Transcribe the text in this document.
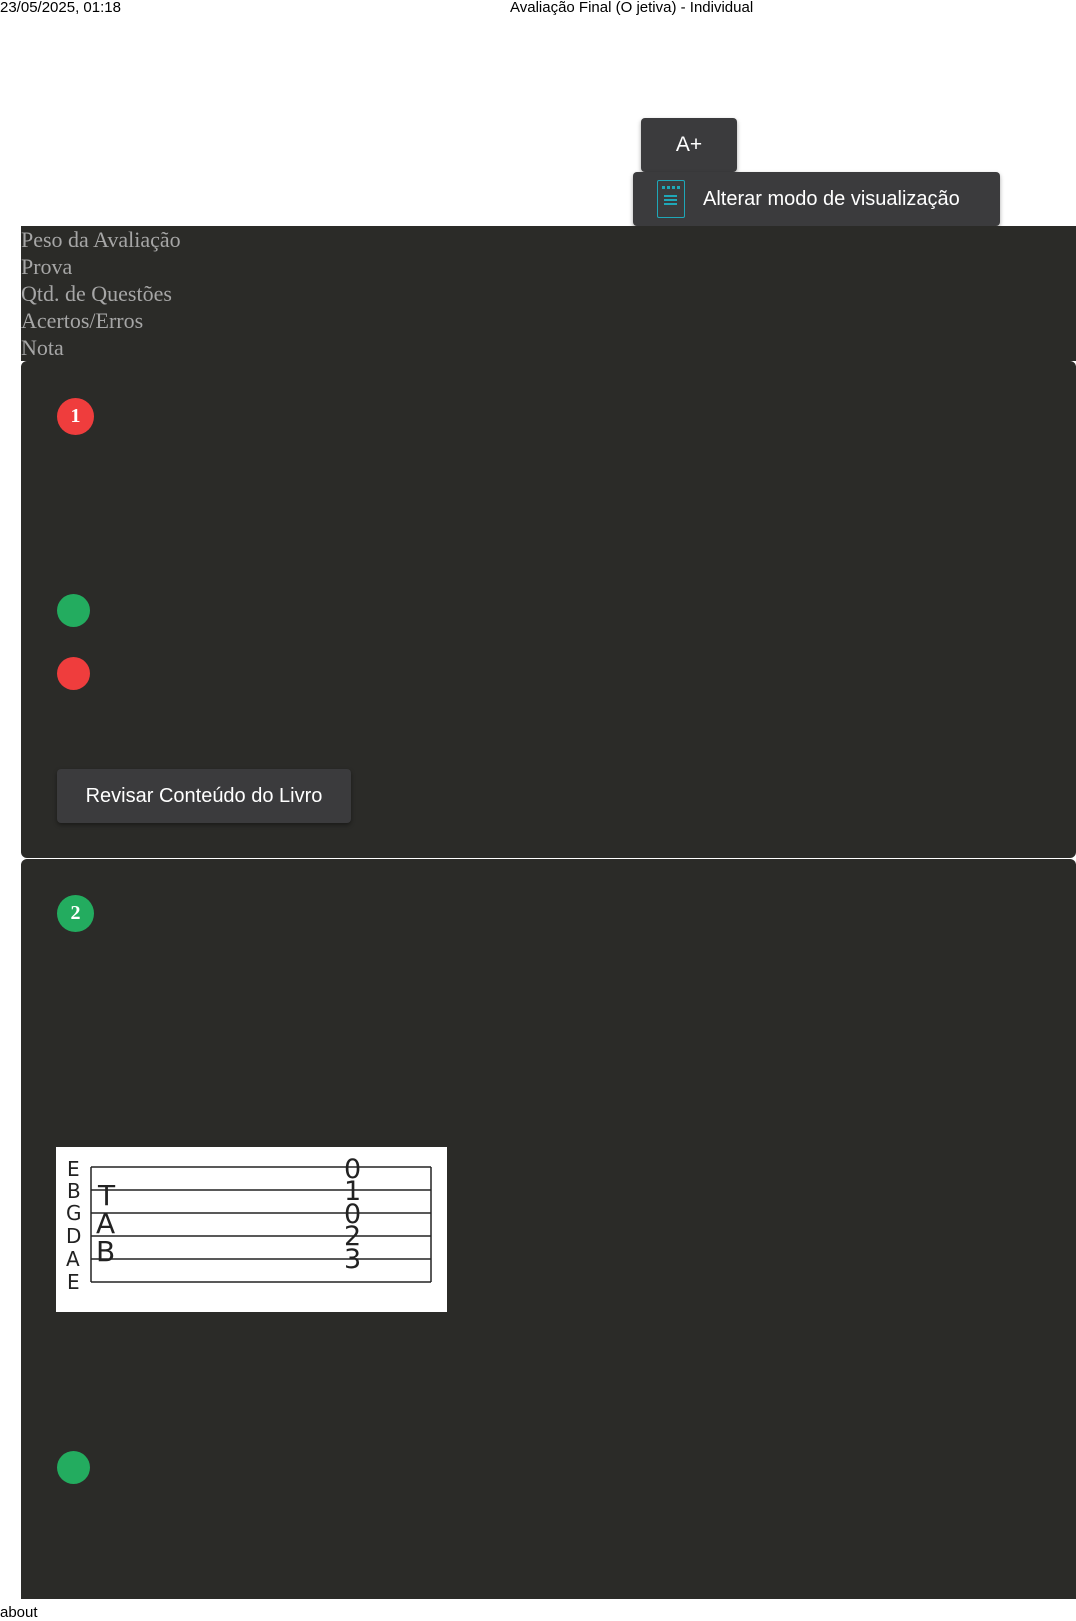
23/05/2025, 01:18	Avaliação Final (O jetiva) - Individual
A+
Alterar modo de visualização
Peso da Avaliação
Prova
Qtd. de Questões
Acertos/Erros
Nota
1
Revisar Conteúdo do Livro
2
E
B
G
D
A
E
T
A
B
0
1
0
2
3
about
